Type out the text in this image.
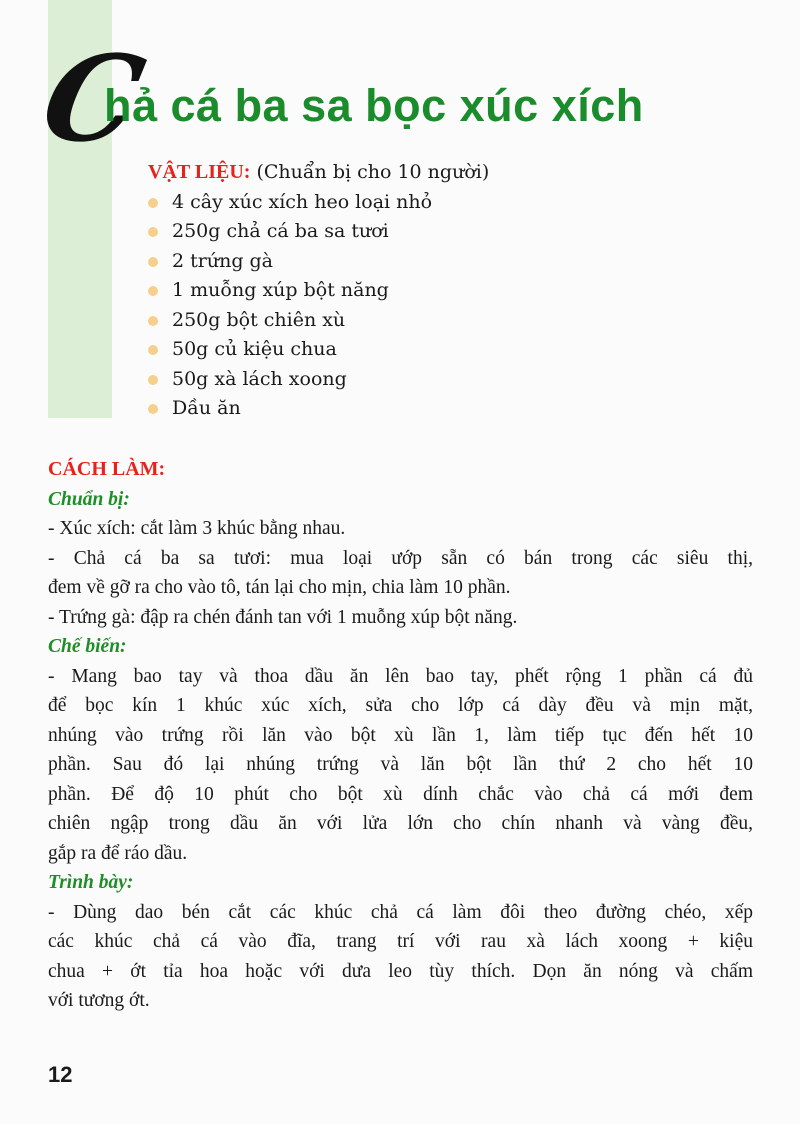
C
hả cá ba sa bọc xúc xích
VẬT LIỆU: (Chuẩn bị cho 10 người)
4 cây xúc xích heo loại nhỏ
250g chả cá ba sa tươi
2 trứng gà
1 muỗng xúp bột năng
250g bột chiên xù
50g củ kiệu chua
50g xà lách xoong
Dầu ăn
CÁCH LÀM:
Chuẩn bị:
- Xúc xích: cắt làm 3 khúc bằng nhau.
- Chả cá ba sa tươi: mua loại ướp sẵn có bán trong các siêu thị,
đem về gỡ ra cho vào tô, tán lại cho mịn, chia làm 10 phần.
- Trứng gà: đập ra chén đánh tan với 1 muỗng xúp bột năng.
Chế biến:
- Mang bao tay và thoa dầu ăn lên bao tay, phết rộng 1 phần cá đủ
để bọc kín 1 khúc xúc xích, sửa cho lớp cá dày đều và mịn mặt,
nhúng vào trứng rồi lăn vào bột xù lần 1, làm tiếp tục đến hết 10
phần. Sau đó lại nhúng trứng và lăn bột lần thứ 2 cho hết 10
phần. Để độ 10 phút cho bột xù dính chắc vào chả cá mới đem
chiên ngập trong dầu ăn với lửa lớn cho chín nhanh và vàng đều,
gắp ra để ráo dầu.
Trình bày:
- Dùng dao bén cắt các khúc chả cá làm đôi theo đường chéo, xếp
các khúc chả cá vào đĩa, trang trí với rau xà lách xoong + kiệu
chua + ớt tỉa hoa hoặc với dưa leo tùy thích. Dọn ăn nóng và chấm
với tương ớt.
12
